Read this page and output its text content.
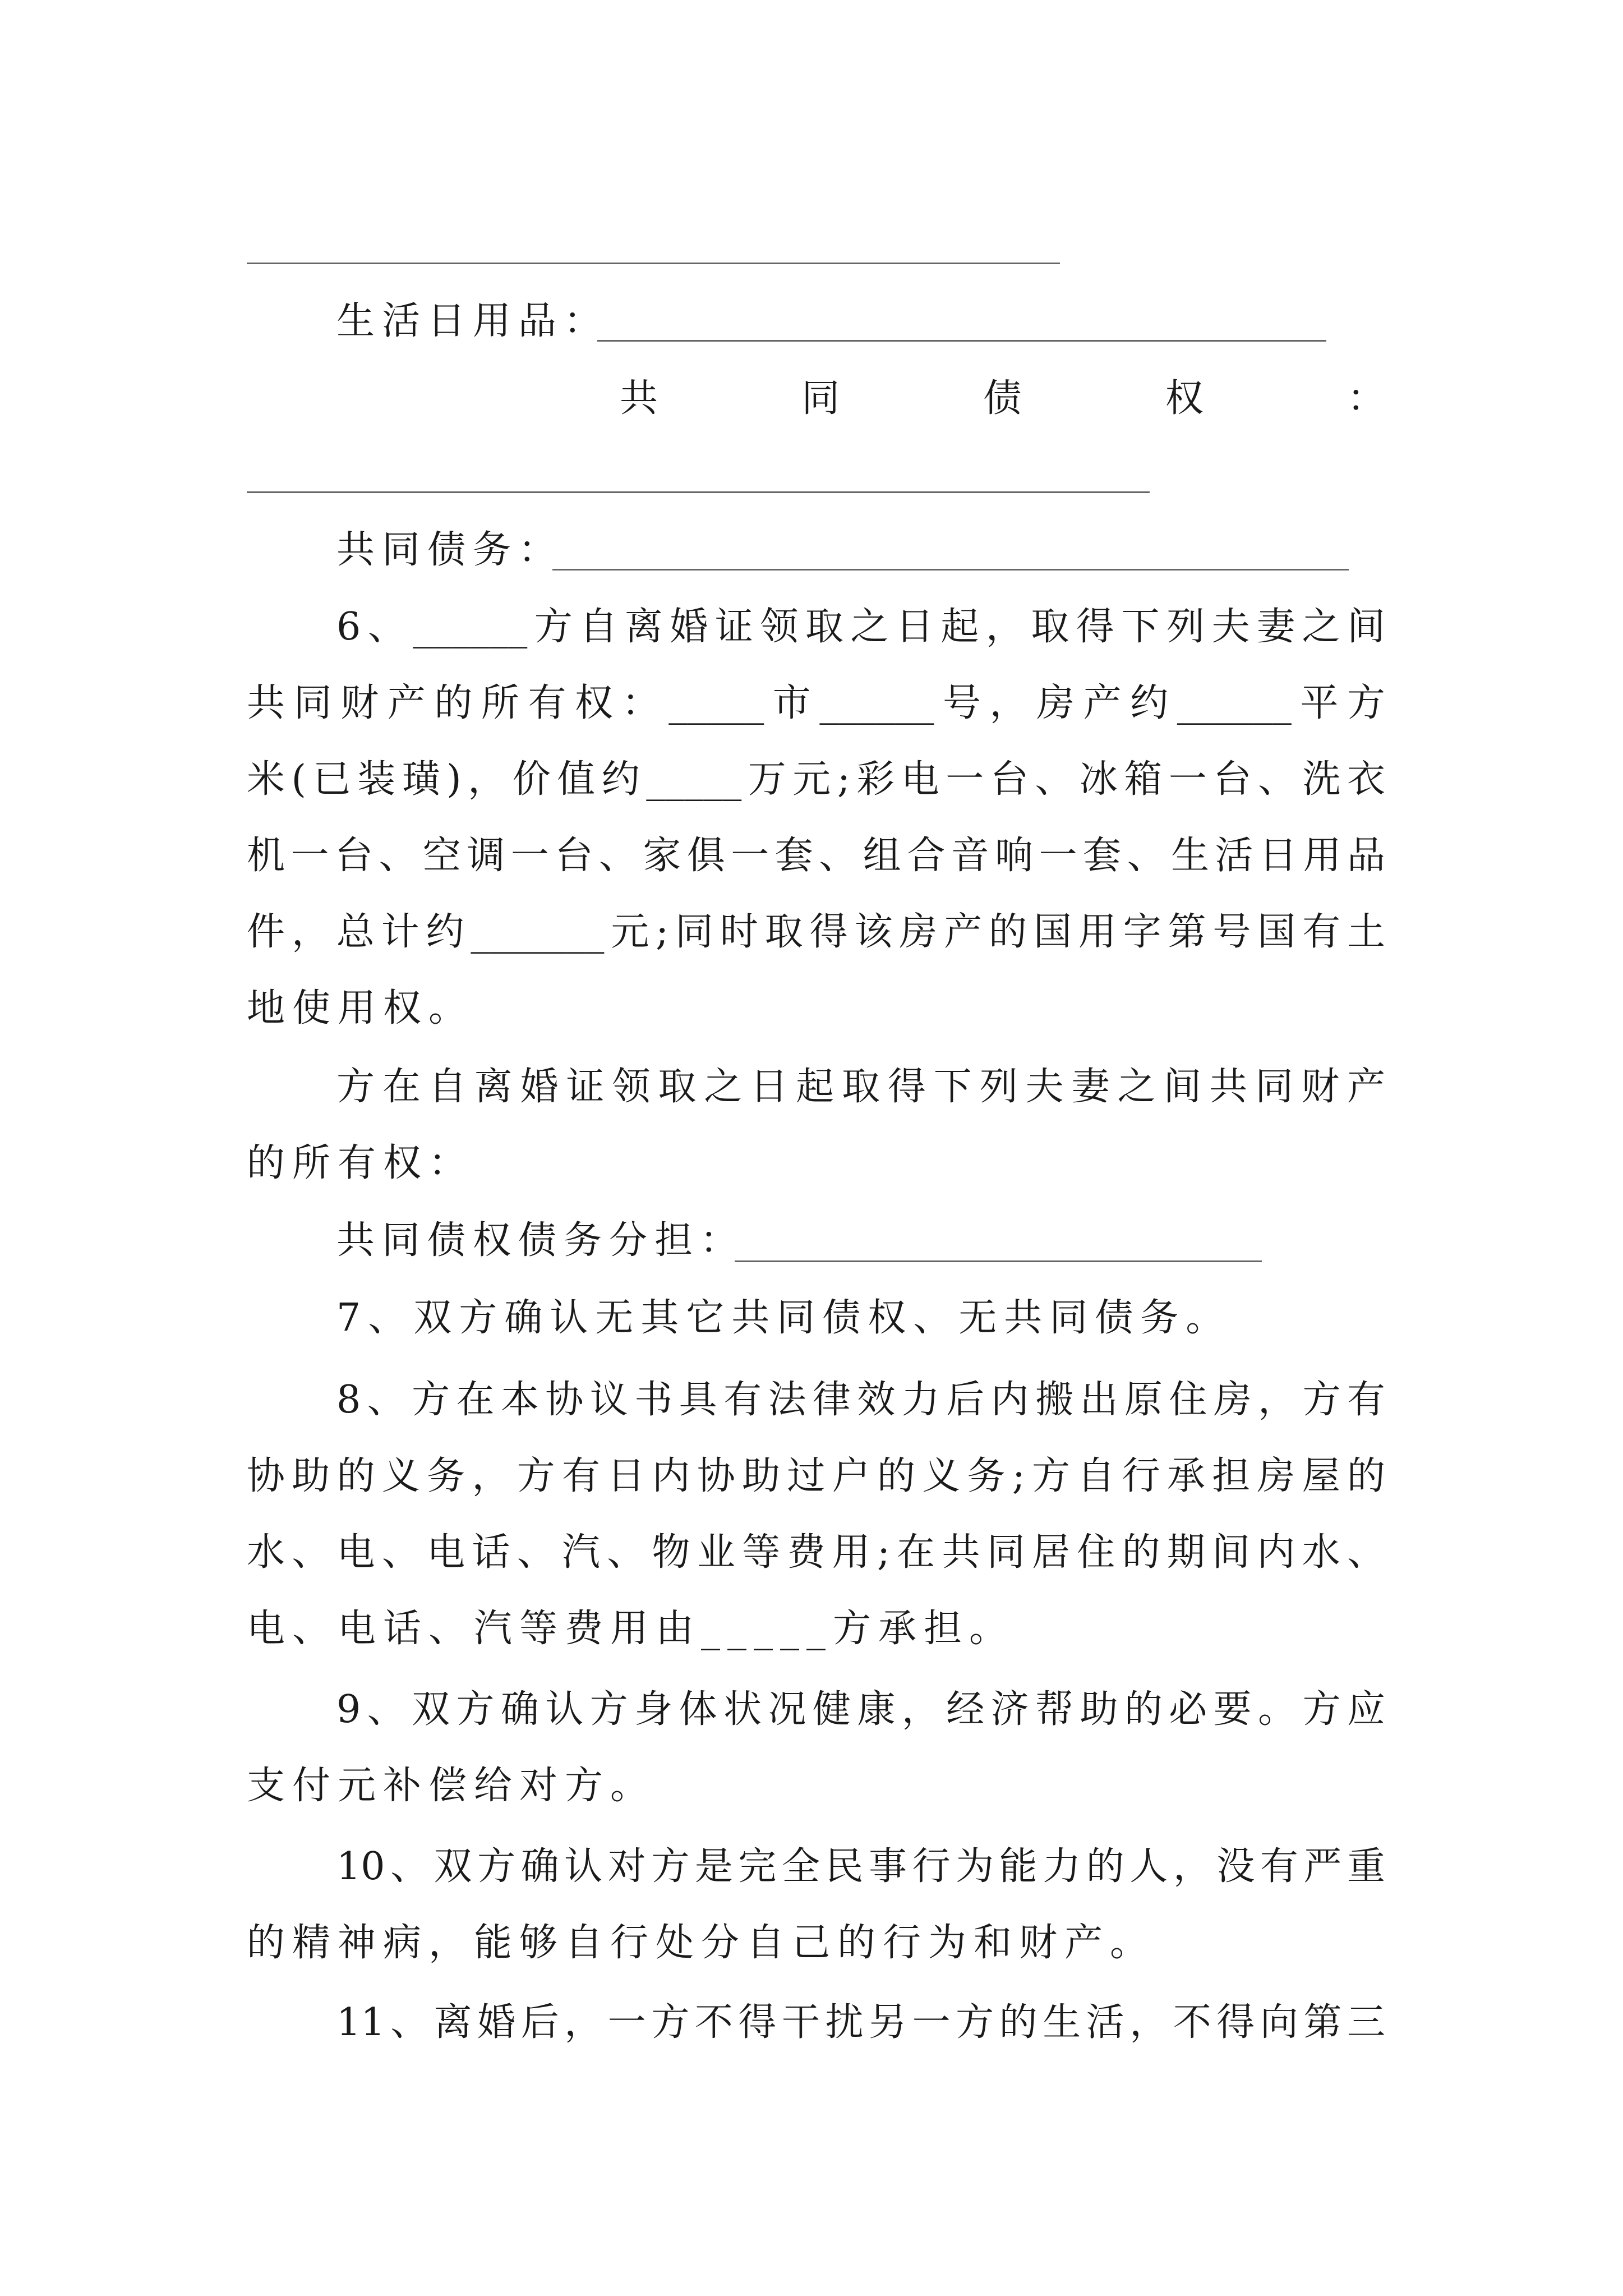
生活日用品：
共	同	债	权	：
共同债务：
6、______方自离婚证领取之日起，取得下列夫妻之间
共同财产的所有权：_____市______号，房产约______平方
米(已装璜)，价值约_____万元;彩电一台、冰箱一台、洗衣
机一台、空调一台、家俱一套、组合音响一套、生活日用品
件，总计约_______元;同时取得该房产的国用字第号国有土
地使用权。
方在自离婚证领取之日起取得下列夫妻之间共同财产
的所有权：
共同债权债务分担：
7、双方确认无其它共同债权、无共同债务。
8、方在本协议书具有法律效力后内搬出原住房，方有
协助的义务，方有日内协助过户的义务;方自行承担房屋的
水、电、电话、汽、物业等费用;在共同居住的期间内水、
电、电话、汽等费用由_____方承担。
9、双方确认方身体状况健康，经济帮助的必要。方应
支付元补偿给对方。
10、双方确认对方是完全民事行为能力的人，没有严重
的精神病，能够自行处分自己的行为和财产。
11、离婚后，一方不得干扰另一方的生活，不得向第三
